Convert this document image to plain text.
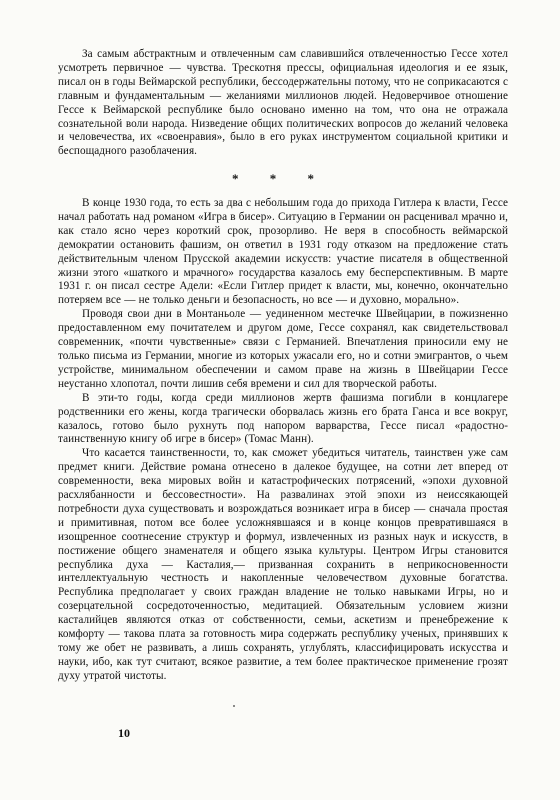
За самым абстрактным и отвлеченным сам славившийся отвлеченностью Гессе хотел усмотреть первичное — чувства. Трескотня прессы, официальная идеология и ее язык, писал он в годы Веймарской республики, бессодержательны потому, что не соприкасаются с главным и фундаментальным — желаниями миллионов людей. Недоверчивое отношение Гессе к Веймарской республике было основано именно на том, что она не отражала сознательной воли народа. Низведение общих политических вопросов до желаний человека и человечества, их «своенравия», было в его руках инструментом социальной критики и беспощадного разоблачения.

* * *

В конце 1930 года, то есть за два с небольшим года до прихода Гитлера к власти, Гессе начал работать над романом «Игра в бисер». Ситуацию в Германии он расценивал мрачно и, как стало ясно через короткий срок, прозорливо. Не веря в способность веймарской демократии остановить фашизм, он ответил в 1931 году отказом на предложение стать действительным членом Прусской академии искусств: участие писателя в общественной жизни этого «шаткого и мрачного» государства казалось ему бесперспективным. В марте 1931 г. он писал сестре Адели: «Если Гитлер придет к власти, мы, конечно, окончательно потеряем все — не только деньги и безопасность, но все — и духовно, морально».

Проводя свои дни в Монтаньоле — уединенном местечке Швейцарии, в пожизненно предоставленном ему почитателем и другом доме, Гессе сохранял, как свидетельствовал современник, «почти чувственные» связи с Германией. Впечатления приносили ему не только письма из Германии, многие из которых ужасали его, но и сотни эмигрантов, о чьем устройстве, минимальном обеспечении и самом праве на жизнь в Швейцарии Гессе неустанно хлопотал, почти лишив себя времени и сил для творческой работы.

В эти-то годы, когда среди миллионов жертв фашизма погибли в концлагере родственники его жены, когда трагически оборвалась жизнь его брата Ганса и все вокруг, казалось, готово было рухнуть под напором варварства, Гессе писал «радостно-таинственную книгу об игре в бисер» (Томас Манн).

Что касается таинственности, то, как сможет убедиться читатель, таинствен уже сам предмет книги. Действие романа отнесено в далекое будущее, на сотни лет вперед от современности, века мировых войн и катастрофических потрясений, «эпохи духовной расхлябанности и бессовестности». На развалинах этой эпохи из неиссякающей потребности духа существовать и возрождаться возникает игра в бисер — сначала простая и примитивная, потом все более усложнявшаяся и в конце концов превратившаяся в изощренное соотнесение структур и формул, извлеченных из разных наук и искусств, в постижение общего знаменателя и общего языка культуры. Центром Игры становится республика духа — Касталия,— призванная сохранить в неприкосновенности интеллектуальную честность и накопленные человечеством духовные богатства. Республика предполагает у своих граждан владение не только навыками Игры, но и созерцательной сосредоточенностью, медитацией. Обязательным условием жизни касталийцев являются отказ от собственности, семьи, аскетизм и пренебрежение к комфорту — такова плата за готовность мира содержать республику ученых, принявших к тому же обет не развивать, а лишь сохранять, углублять, классифицировать искусства и науки, ибо, как тут считают, всякое развитие, а тем более практическое применение грозят духу утратой чистоты.

10
